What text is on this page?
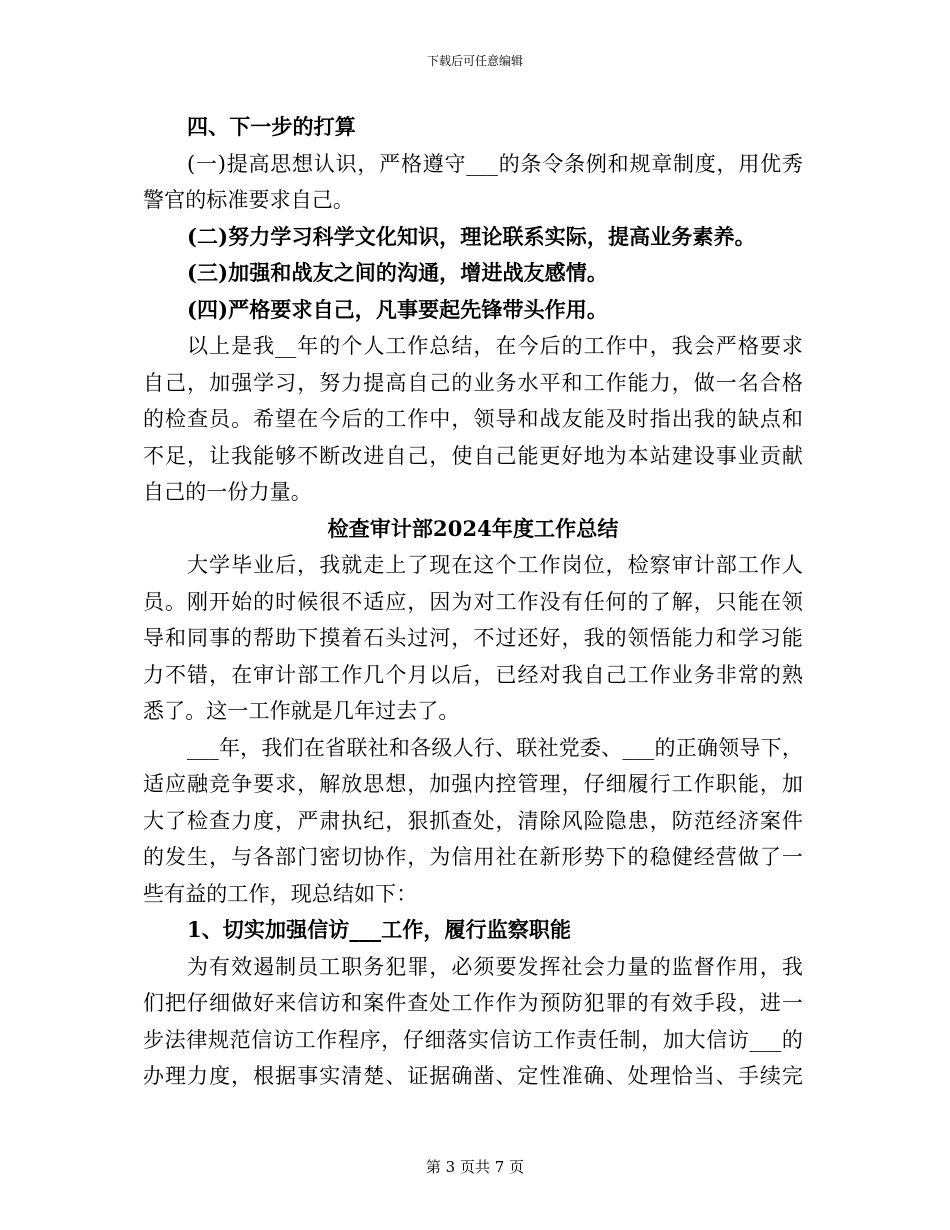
下载后可任意编辑
四、下一步的打算
(一)提高思想认识，严格遵守___的条令条例和规章制度，用优秀
警官的标准要求自己。
(二)努力学习科学文化知识，理论联系实际，提高业务素养。
(三)加强和战友之间的沟通，增进战友感情。
(四)严格要求自己，凡事要起先锋带头作用。
以上是我__年的个人工作总结，在今后的工作中，我会严格要求
自己，加强学习，努力提高自己的业务水平和工作能力，做一名合格
的检查员。希望在今后的工作中，领导和战友能及时指出我的缺点和
不足，让我能够不断改进自己，使自己能更好地为本站建设事业贡献
自己的一份力量。
检查审计部2024年度工作总结
大学毕业后，我就走上了现在这个工作岗位，检察审计部工作人
员。刚开始的时候很不适应，因为对工作没有任何的了解，只能在领
导和同事的帮助下摸着石头过河，不过还好，我的领悟能力和学习能
力不错，在审计部工作几个月以后，已经对我自己工作业务非常的熟
悉了。这一工作就是几年过去了。
___年，我们在省联社和各级人行、联社党委、___的正确领导下，
适应融竞争要求，解放思想，加强内控管理，仔细履行工作职能，加
大了检查力度，严肃执纪，狠抓查处，清除风险隐患，防范经济案件
的发生，与各部门密切协作，为信用社在新形势下的稳健经营做了一
些有益的工作，现总结如下：
1、切实加强信访___工作，履行监察职能
为有效遏制员工职务犯罪，必须要发挥社会力量的监督作用，我
们把仔细做好来信访和案件查处工作作为预防犯罪的有效手段，进一
步法律规范信访工作程序，仔细落实信访工作责任制，加大信访___的
办理力度，根据事实清楚、证据确凿、定性准确、处理恰当、手续完
第 3 页共 7 页
